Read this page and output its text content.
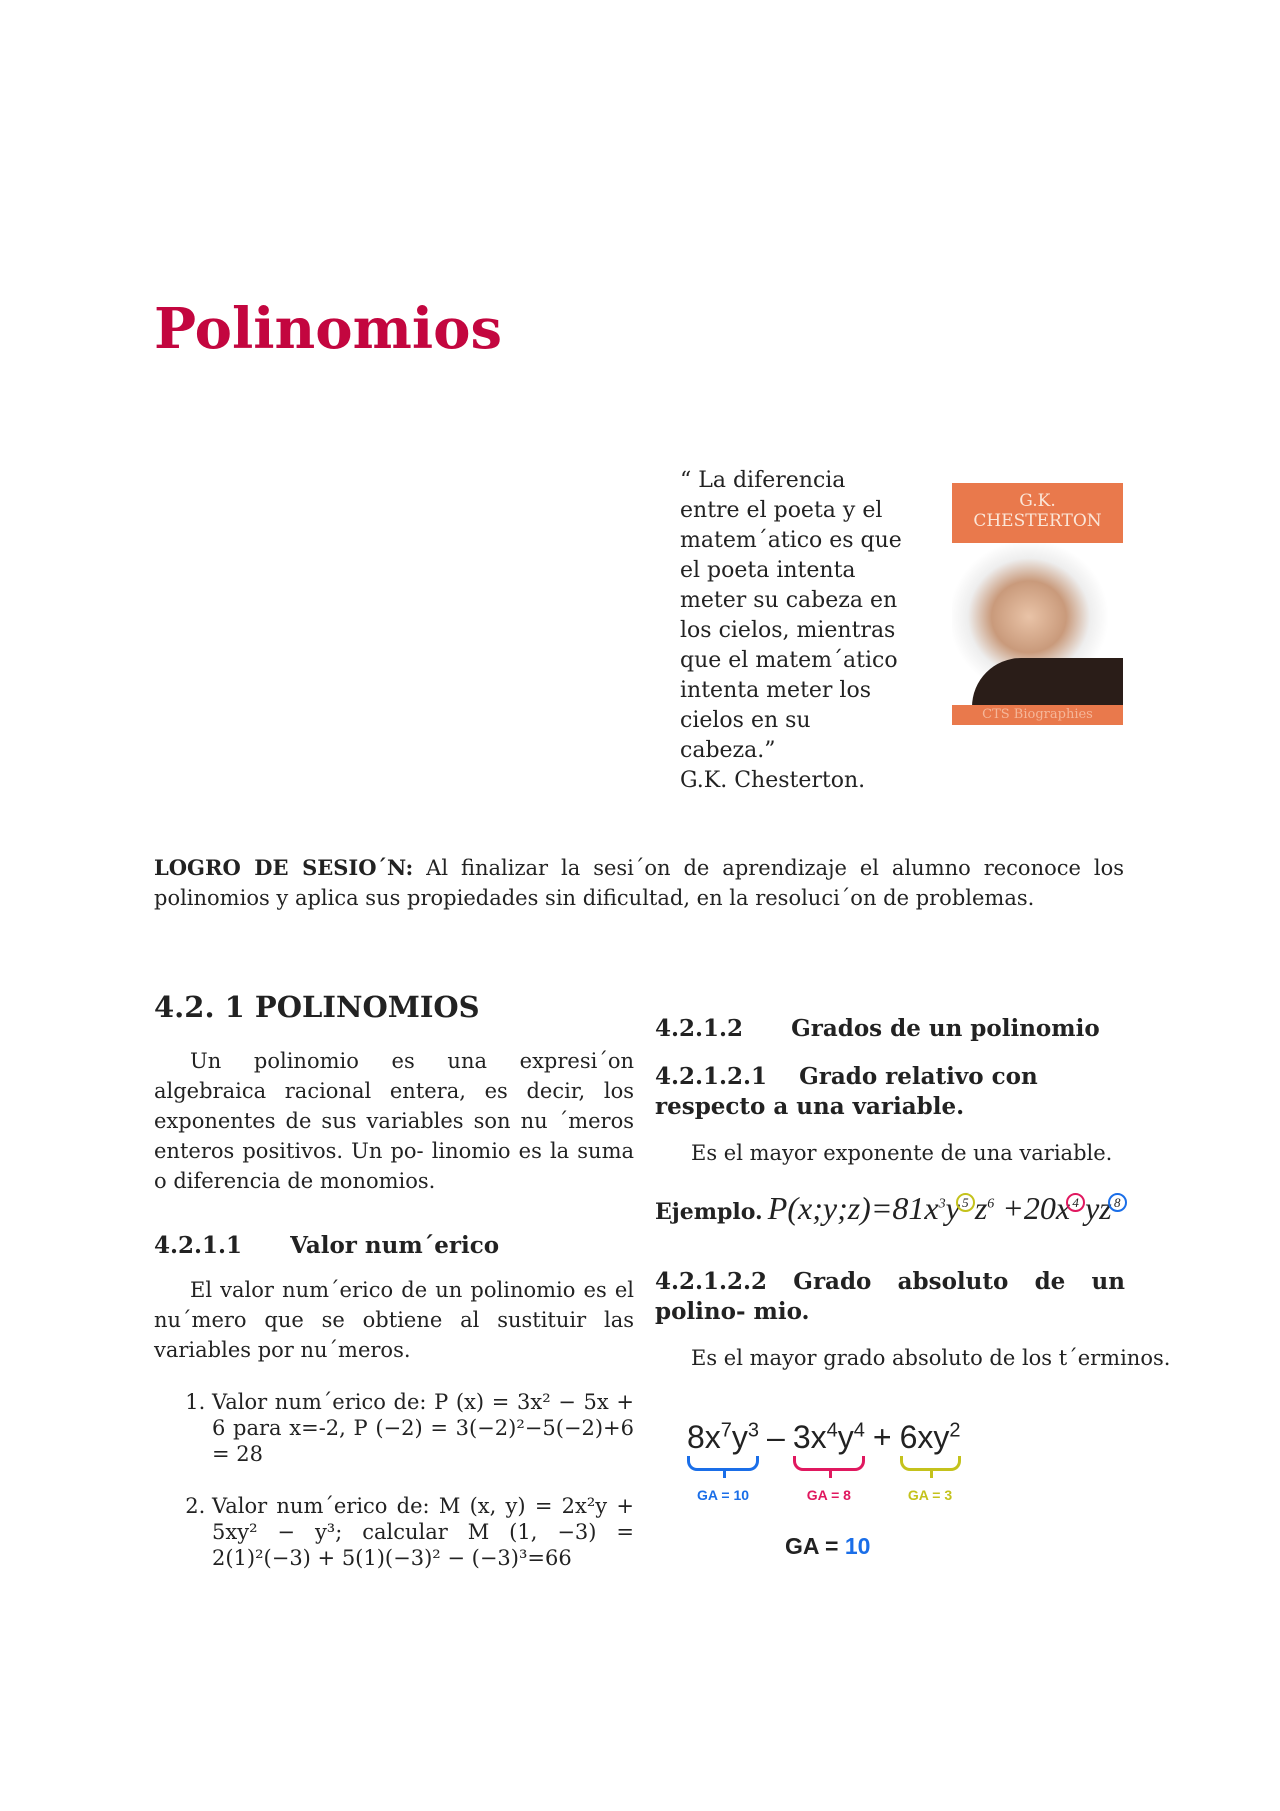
Polinomios
“ La diferencia
entre el poeta y el
matem´atico es que
el poeta intenta
meter su cabeza en
los cielos, mientras
que el matem´atico
intenta meter los
cielos en su
cabeza.”
G.K. Chesterton.
G.K.
CHESTERTON
CTS Biographies
LOGRO DE SESIO´N: Al finalizar la sesi´on de aprendizaje el alumno reconoce los polinomios y aplica sus propiedades sin dificultad, en la resoluci´on de problemas.
4.2. 1 POLINOMIOS
Un polinomio es una expresi´on algebraica racional entera, es decir, los exponentes de sus variables son nu ´meros enteros positivos. Un po- linomio es la suma o diferencia de monomios.
4.2.1.1      Valor num´erico
El valor num´erico de un polinomio es el nu´mero que se obtiene al sustituir las variables por nu´meros.
1. Valor num´erico de: P (x) = 3x² − 5x + 6 para x=-2, P (−2) = 3(−2)²−5(−2)+6 = 28
2. Valor num´erico de: M (x, y) = 2x²y + 5xy² − y³; calcular M (1, −3) = 2(1)²(−3) + 5(1)(−3)² − (−3)³=66
4.2.1.2      Grados de un polinomio
4.2.1.2.1    Grado relativo con respecto a una variable.
Es el mayor exponente de una variable.
Ejemplo. $P(x;y;z)=81x^3y$ 5 $z^6 +20x$ 4 yz 8
4.2.1.2.2   Grado   absoluto   de   un polino- mio.
Es el mayor grado absoluto de los t´erminos.
$8x^7y^3$
GA = 10
– $3x^4y^4$
GA = 8
+ $6xy^2$
GA = 3
GA = 10
